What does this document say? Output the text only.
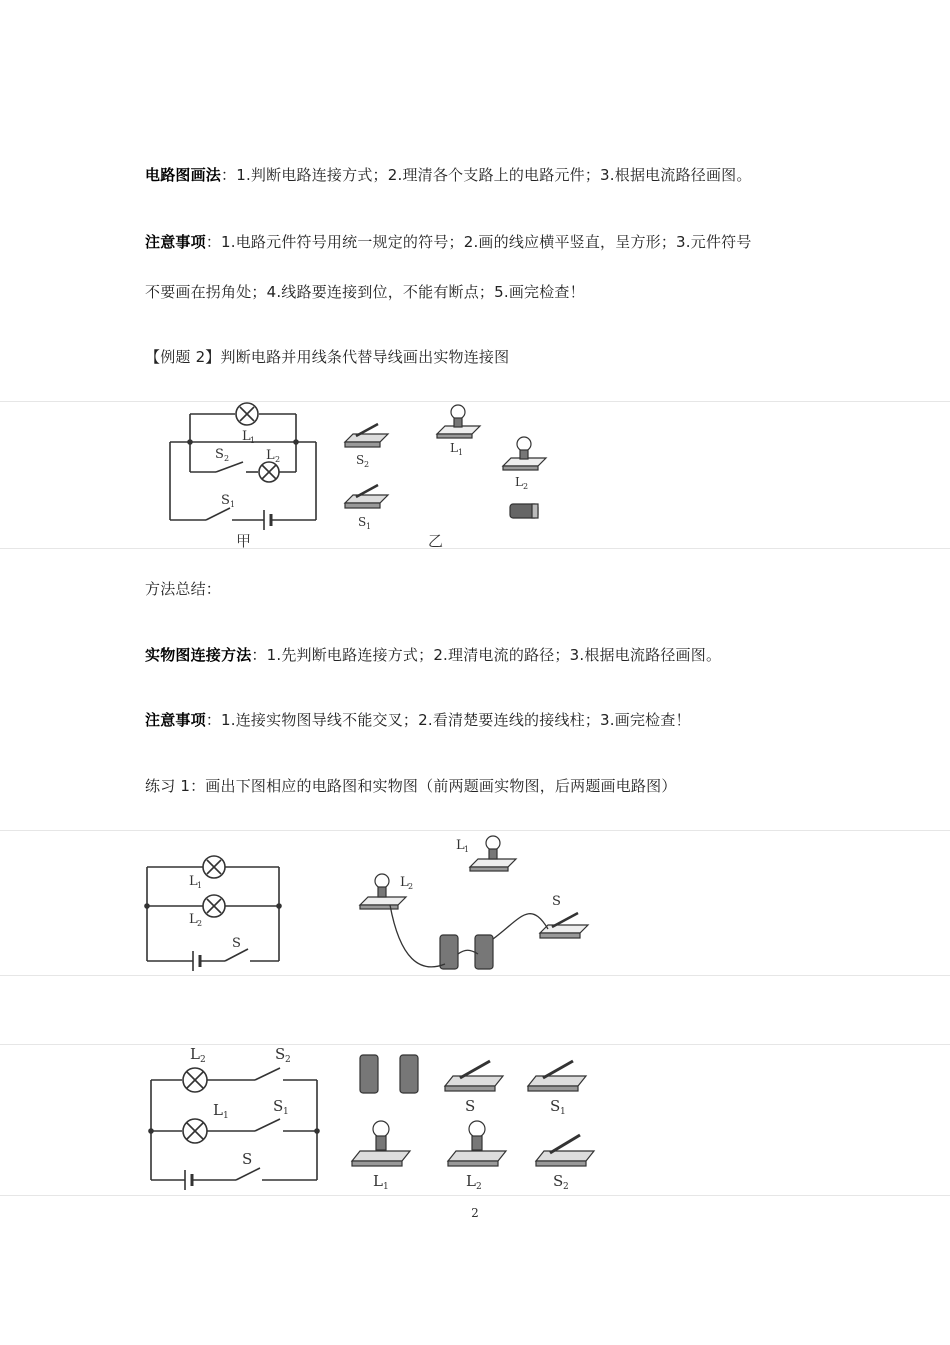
电路图画法：1.判断电路连接方式；2.理清各个支路上的电路元件；3.根据电流路径画图。
注意事项：1.电路元件符号用统一规定的符号；2.画的线应横平竖直，呈方形；3.元件符号
不要画在拐角处；4.线路要连接到位，不能有断点；5.画完检查！
【例题 2】判断电路并用线条代替导线画出实物连接图
L 1
S 2	L 2
S 1
甲	乙
S 2
S 1
L 1
L 2
方法总结：
实物图连接方法：1.先判断电路连接方式；2.理清电流的路径；3.根据电流路径画图。
注意事项：1.连接实物图导线不能交叉；2.看清楚要连线的接线柱；3.画完检查！
练习 1：画出下图相应的电路图和实物图（前两题画实物图，后两题画电路图）
L 1
L 2
S
L 1
L 2
S
L 2	S 2
L 1
S 1
S
S	S 1
L 1	L 2	S 2
2
